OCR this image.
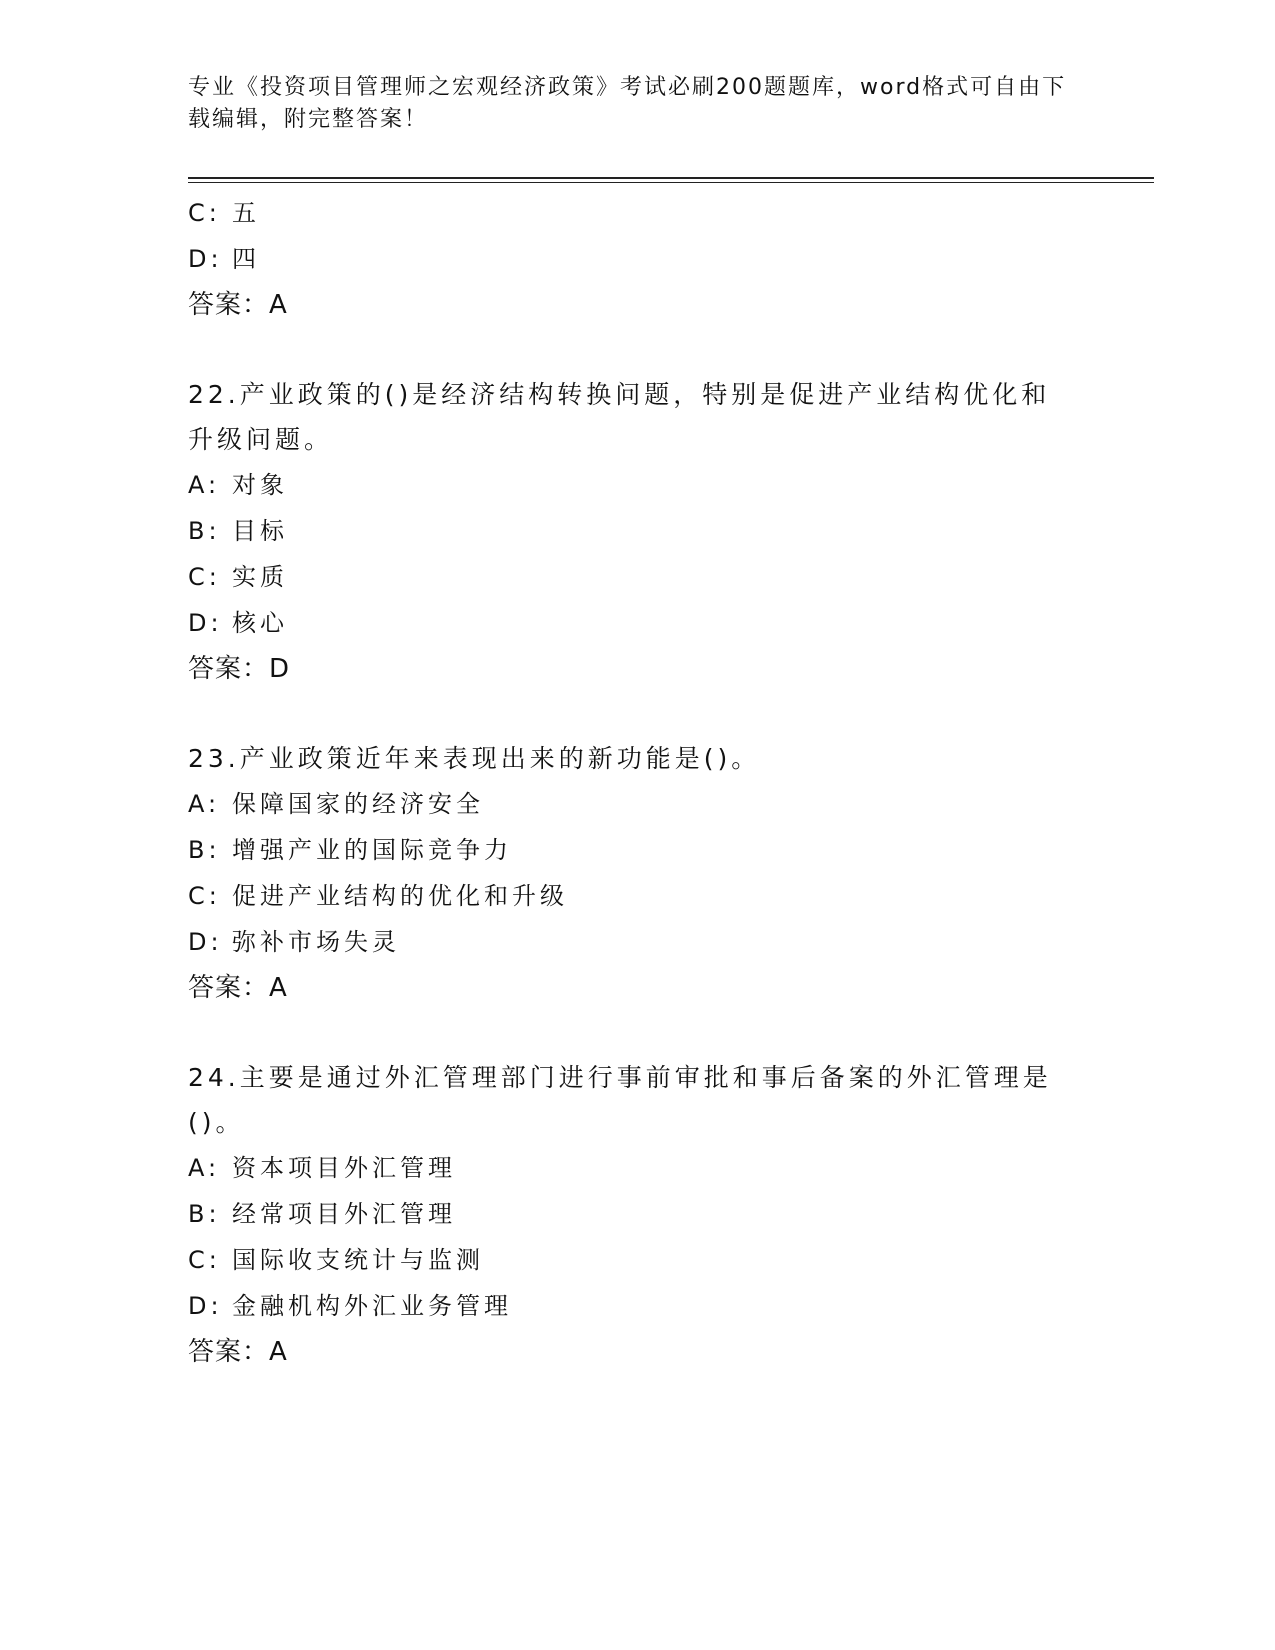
专业《投资项目管理师之宏观经济政策》考试必刷200题题库，word格式可自由下载编辑，附完整答案！
C: 五
D: 四
答案：A
22.产业政策的()是经济结构转换问题，特别是促进产业结构优化和升级问题。
A: 对象
B: 目标
C: 实质
D: 核心
答案：D
23.产业政策近年来表现出来的新功能是()。
A: 保障国家的经济安全
B: 增强产业的国际竞争力
C: 促进产业结构的优化和升级
D: 弥补市场失灵
答案：A
24.主要是通过外汇管理部门进行事前审批和事后备案的外汇管理是()。
A: 资本项目外汇管理
B: 经常项目外汇管理
C: 国际收支统计与监测
D: 金融机构外汇业务管理
答案：A
